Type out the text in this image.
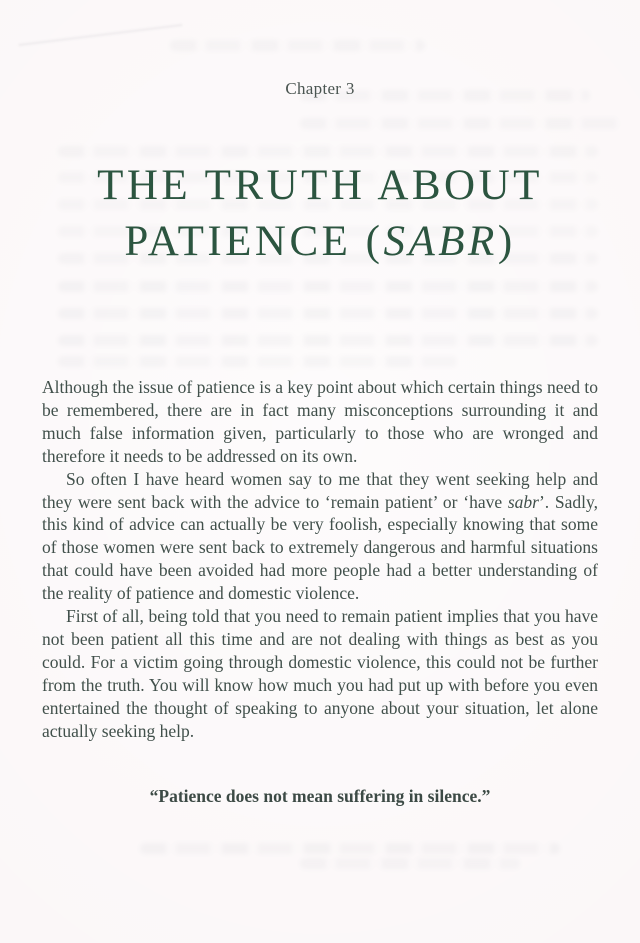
Chapter 3
THE TRUTH ABOUT
PATIENCE (SABR)

Although the issue of patience is a key point about which certain things need to be remembered, there are in fact many misconceptions surrounding it and much false information given, particularly to those who are wronged and therefore it needs to be addressed on its own.

So often I have heard women say to me that they went seeking help and they were sent back with the advice to ‘remain patient’ or ‘have sabr’. Sadly, this kind of advice can actually be very foolish, especially knowing that some of those women were sent back to extremely dangerous and harmful situations that could have been avoided had more people had a better understanding of the reality of patience and domestic violence.

First of all, being told that you need to remain patient implies that you have not been patient all this time and are not dealing with things as best as you could. For a victim going through domestic violence, this could not be further from the truth. You will know how much you had put up with before you even entertained the thought of speaking to anyone about your situation, let alone actually seeking help.

“Patience does not mean suffering in silence.”
